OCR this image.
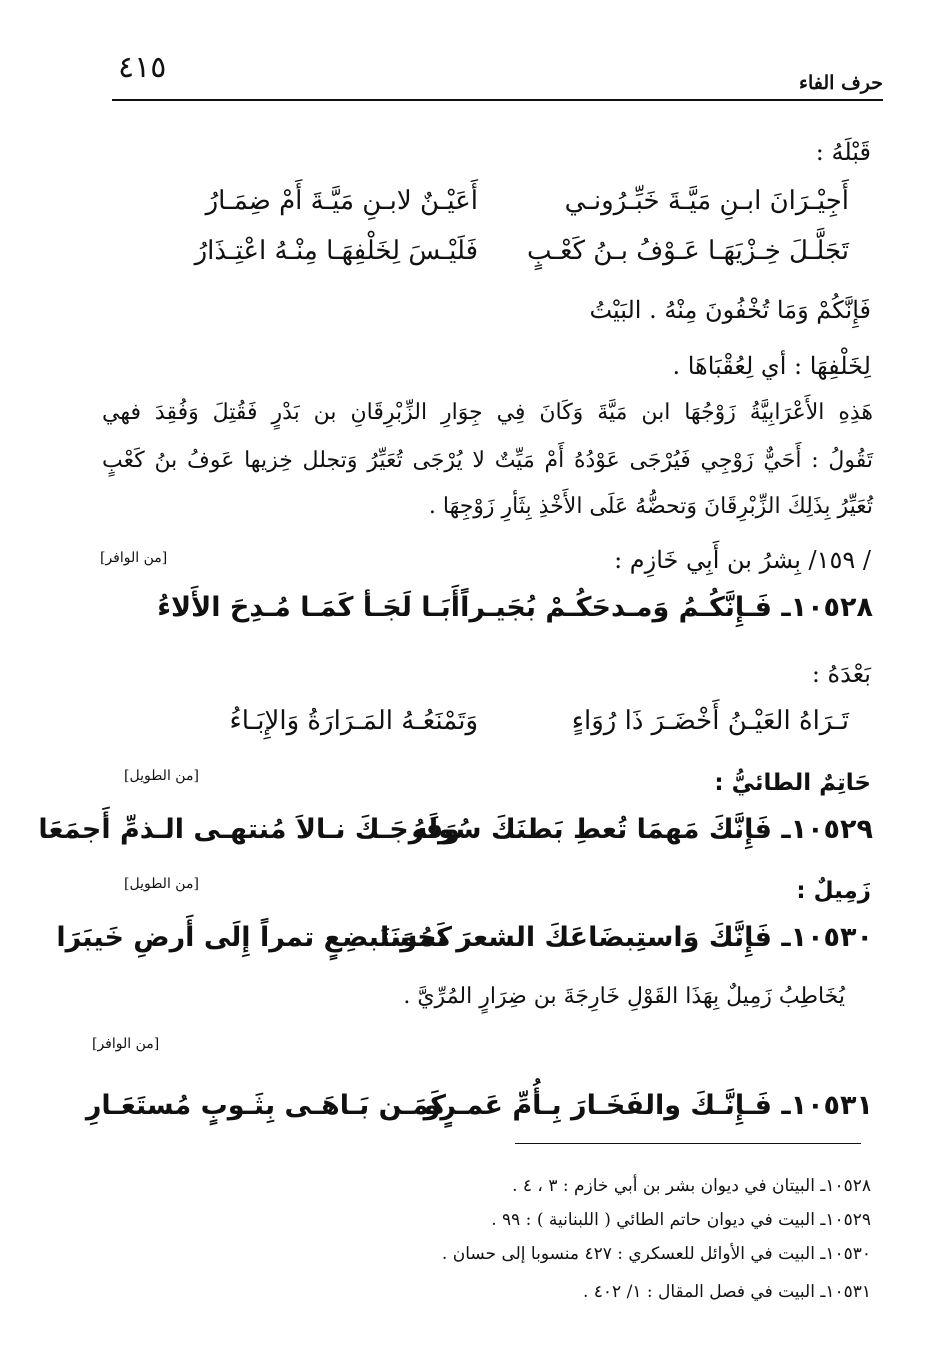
٤١٥	حرف الفاء
قَبْلَهُ :
أَجِيْـرَانَ ابـنِ مَيَّـةَ خَبِّـرُونـي
أَعَيْـنٌ لابـنِ مَيَّـةَ أَمْ ضِمَـارُ
تَجَلَّـلَ خِـزْيَهَـا عَـوْفُ بـنُ كَعْـبٍ
فَلَيْـسَ لِخَلْفِهَـا مِنْـهُ اعْتِـذَارُ
فَإِنَّكُمْ وَمَا تُخْفُونَ مِنْهُ . البَيْتُ
لِخَلْفِهَا : أي لِعُقْبَاهَا .
هَذِهِ الأَعْرَابِيَّةُ زَوْجُهَا ابن مَيَّةَ وَكَانَ فِي جِوَارِ الزِّبْرِقَانِ بن بَدْرٍ فَقُتِلَ وَفُقِدَ فهي
تَقُولُ : أَحَيٌّ زَوْجِي فَيُرْجَى عَوْدُهُ أَمْ مَيِّتٌ لا يُرْجَى تُعَيِّرُ وَتجلل خِزيها عَوفُ بنُ كَعْبٍ
تُعَيِّرُ بِذَلِكَ الزِّبْرِقَانَ وَتحضُّهُ عَلَى الأَخْذِ بِثَأرِ زَوْجِهَا .
/ ١٥٩/ بِشرُ بن أَبِي خَازِم :
[من الوافر]
١٠٥٢٨ـ فَـإِنَّكُـمُ وَمـدحَكُـمْ بُجَيـراً
أَبَـا لَجَـأ كَمَـا مُـدِحَ الأَلاءُ
بَعْدَهُ :
تَـرَاهُ العَيْـنُ أَخْضَـرَ ذَا رُوَاءٍ
وَتَمْنَعُـهُ المَـرَارَةُ وَالإِبَـاءُ
حَاتِمٌ الطائيُّ :
[من الطويل]
١٠٥٢٩ـ فَإِنَّكَ مَهمَا تُعطِ بَطنَكَ سُولَهُ
وَفَرجَـكَ نـالاَ مُنتهـى الـذمِّ أَجمَعَا
زَمِيلٌ :
[من الطويل]
١٠٥٣٠ـ فَإِنَّكَ وَاستِبضَاعَكَ الشعرَ نحوَنَا
كَمُستَبضِعٍ تمراً إِلَى أَرضِ خَيبَرَا
يُخَاطِبُ زَمِيلٌ بِهَذَا القَوْلِ خَارِجَةَ بن ضِرَارٍ المُرِّيَّ .
[من الوافر]
١٠٥٣١ـ فَـإِنَّـكَ والفَخَـارَ بِـأُمِّ عَمـرٍو
كَمَـن بَـاهَـى بِثَـوبٍ مُستَعَـارِ
١٠٥٢٨ـ البيتان في ديوان بشر بن أبي خازم : ٣ ، ٤ .
١٠٥٢٩ـ البيت في ديوان حاتم الطائي ( اللبنانية ) : ٩٩ .
١٠٥٣٠ـ البيت في الأوائل للعسكري : ٤٢٧ منسوبا إلى حسان .
١٠٥٣١ـ البيت في فصل المقال : ١/ ٤٠٢ .
